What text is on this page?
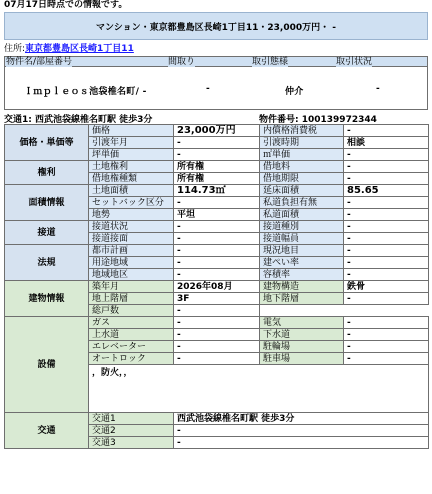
07月17日時点での情報です。
マンション・東京都豊島区長崎1丁目11・23,000万円・ -
住所:東京都豊島区長崎1丁目11
物件名/部屋番号	間取り	取引態様	取引状況
Ｉｍｐｌｅｏｓ池袋椎名町/ -	-	仲介	-
交通1: 西武池袋線椎名町駅 徒歩3分	物件番号: 100139972344
価格・単価等	価格	23,000万円	内償格消費税	-
	引渡年月	-	引渡時期	相談
	坪単価	-	㎡単価	-
権利	土地権利	所有権	借地料	-
	借地権種類	所有権	借地期限	-
面積情報	土地面積	114.73㎡	延床面積	85.65
	セットバック区分	-	私道負担有無	-
	地勢	平坦	私道面積	-
接道	接道状況	-	接道種別	-
	接道接面	-	接道幅員	-
法規	都市計画	-	現況地目	-
	用途地域	-	建ぺい率	-
	地域地区	-	容積率	-
建物情報	築年月	2026年08月	建物構造	鉄骨
	地上階層	3F	地下階層	-
	総戸数	-		
設備	ガス	-	電気	-
	上水道	-	下水道	-
	エレベーター	-	駐輪場	-
	オートロック	-	駐車場	-
	，防火，，			
交通	交通1	西武池袋線椎名町駅 徒歩3分		
	交通2	-		
	交通3	-		
